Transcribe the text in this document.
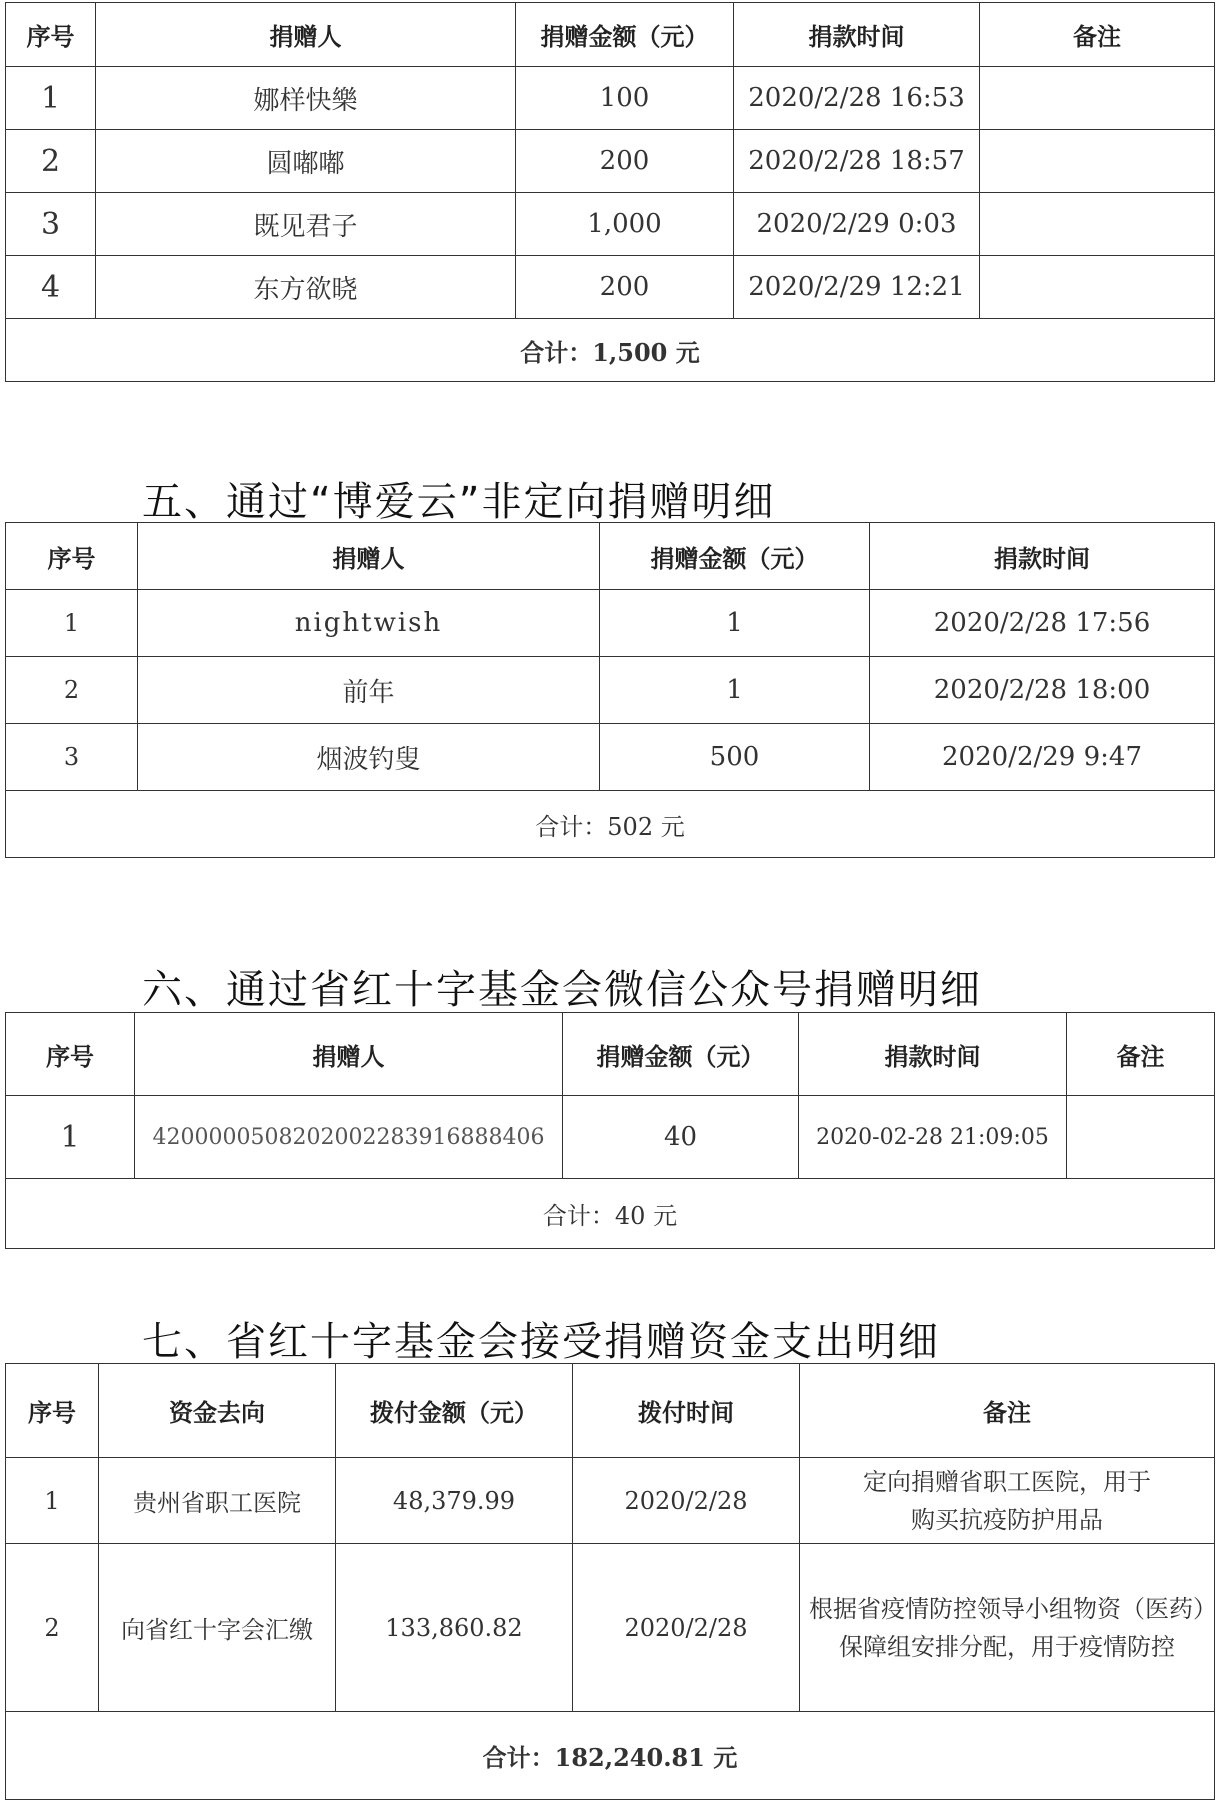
序号	捐赠人	捐赠金额（元）	捐款时间	备注
1	娜样快樂	100	2020/2/28 16:53	
2	圆嘟嘟	200	2020/2/28 18:57	
3	既见君子	1,000	2020/2/29 0:03	
4	东方欲晓	200	2020/2/29 12:21	
合计：1,500 元				
五、通过“博爱云”非定向捐赠明细
序号	捐赠人	捐赠金额（元）	捐款时间
1	nightwish	1	2020/2/28 17:56
2	前年	1	2020/2/28 18:00
3	烟波钓叟	500	2020/2/29 9:47
合计：502 元			
六、通过省红十字基金会微信公众号捐赠明细
序号	捐赠人	捐赠金额（元）	捐款时间	备注
1	4200000508202002283916888406	40	2020-02-28 21:09:05	
合计：40 元				
七、省红十字基金会接受捐赠资金支出明细
序号	资金去向	拨付金额（元）	拨付时间	备注
1	贵州省职工医院	48,379.99	2020/2/28	定向捐赠省职工医院，用于购买抗疫防护用品
2	向省红十字会汇缴	133,860.82	2020/2/28	根据省疫情防控领导小组物资（医药）保障组安排分配，用于疫情防控
合计：182,240.81 元				
